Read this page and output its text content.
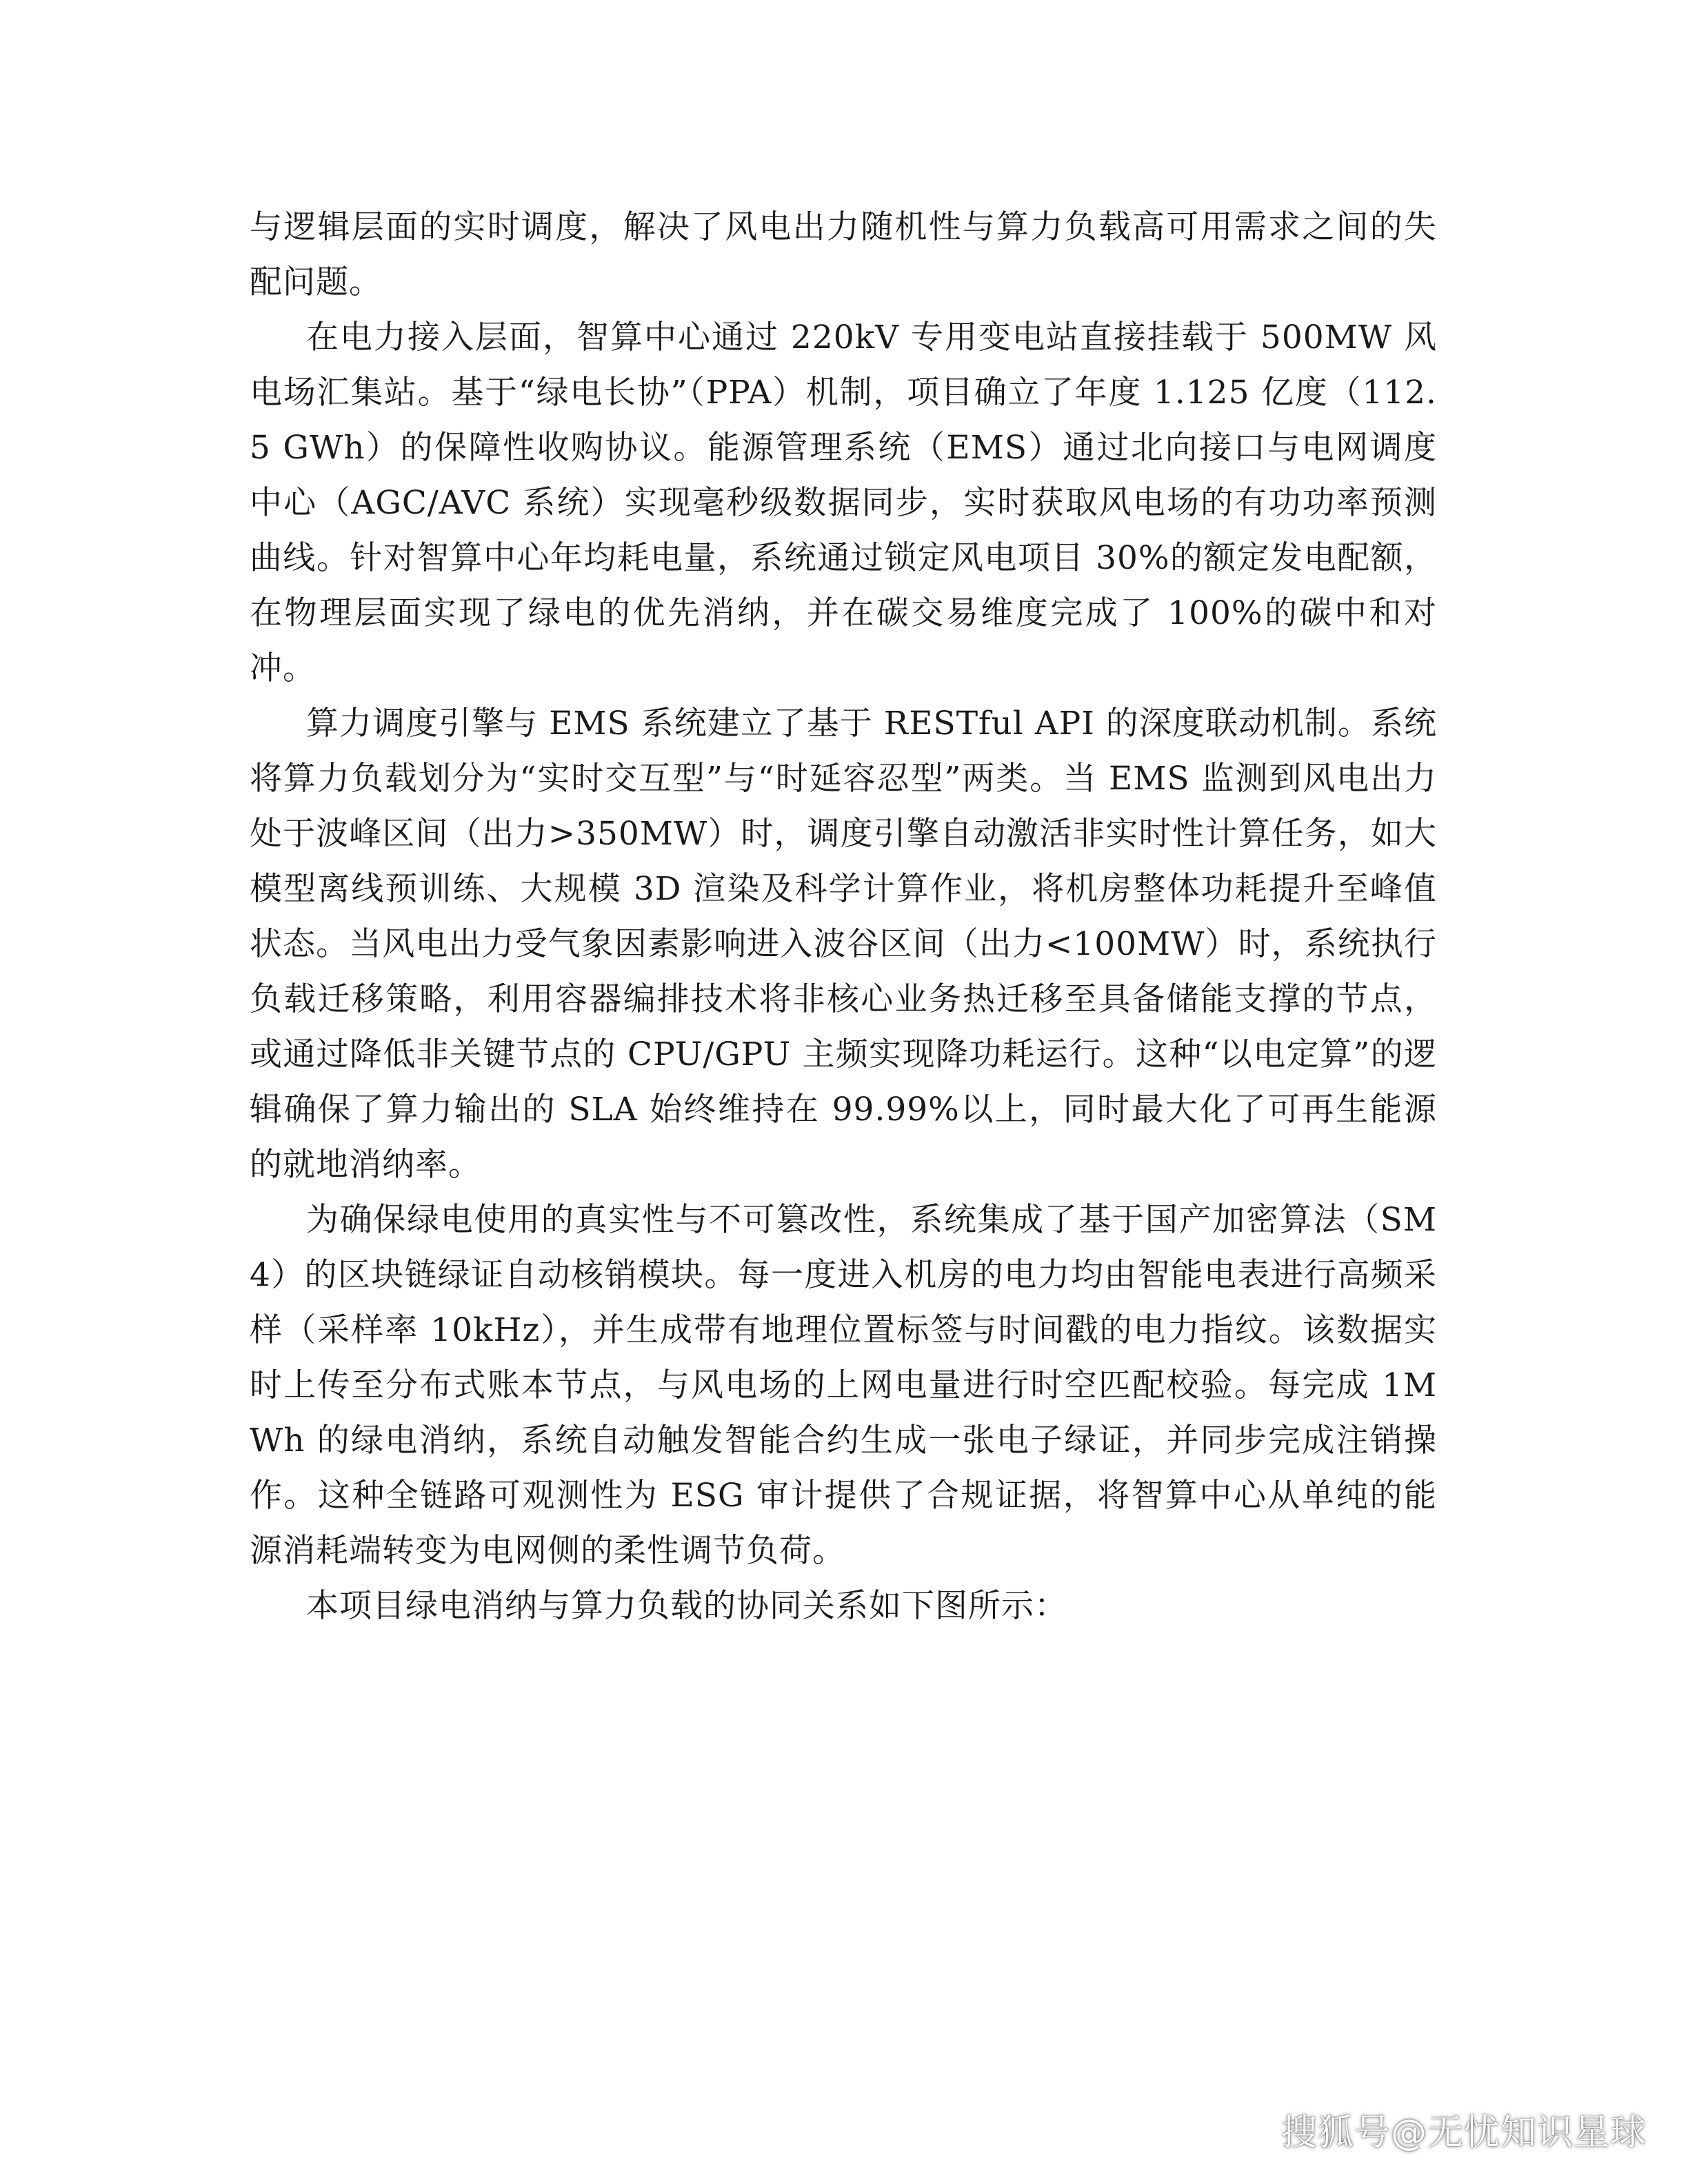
与逻辑层面的实时调度，解决了风电出力随机性与算力负载高可用需求之间的失配问题。

在电力接入层面，智算中心通过 220kV 专用变电站直接挂载于 500MW 风电场汇集站。基于“绿电长协”（PPA）机制，项目确立了年度 1.125 亿度（112.5 GWh）的保障性收购协议。能源管理系统（EMS）通过北向接口与电网调度中心（AGC/AVC 系统）实现毫秒级数据同步，实时获取风电场的有功功率预测曲线。针对智算中心年均耗电量，系统通过锁定风电项目 30%的额定发电配额，在物理层面实现了绿电的优先消纳，并在碳交易维度完成了 100%的碳中和对冲。

算力调度引擎与 EMS 系统建立了基于 RESTful API 的深度联动机制。系统将算力负载划分为“实时交互型”与“时延容忍型”两类。当 EMS 监测到风电出力处于波峰区间（出力>350MW）时，调度引擎自动激活非实时性计算任务，如大模型离线预训练、大规模 3D 渲染及科学计算作业，将机房整体功耗提升至峰值状态。当风电出力受气象因素影响进入波谷区间（出力<100MW）时，系统执行负载迁移策略，利用容器编排技术将非核心业务热迁移至具备储能支撑的节点，或通过降低非关键节点的 CPU/GPU 主频实现降功耗运行。这种“以电定算”的逻辑确保了算力输出的 SLA 始终维持在 99.99%以上，同时最大化了可再生能源的就地消纳率。

为确保绿电使用的真实性与不可篡改性，系统集成了基于国产加密算法（SM4）的区块链绿证自动核销模块。每一度进入机房的电力均由智能电表进行高频采样（采样率 10kHz），并生成带有地理位置标签与时间戳的电力指纹。该数据实时上传至分布式账本节点，与风电场的上网电量进行时空匹配校验。每完成 1MWh 的绿电消纳，系统自动触发智能合约生成一张电子绿证，并同步完成注销操作。这种全链路可观测性为 ESG 审计提供了合规证据，将智算中心从单纯的能源消耗端转变为电网侧的柔性调节负荷。

本项目绿电消纳与算力负载的协同关系如下图所示：

搜狐号@无忧知识星球
